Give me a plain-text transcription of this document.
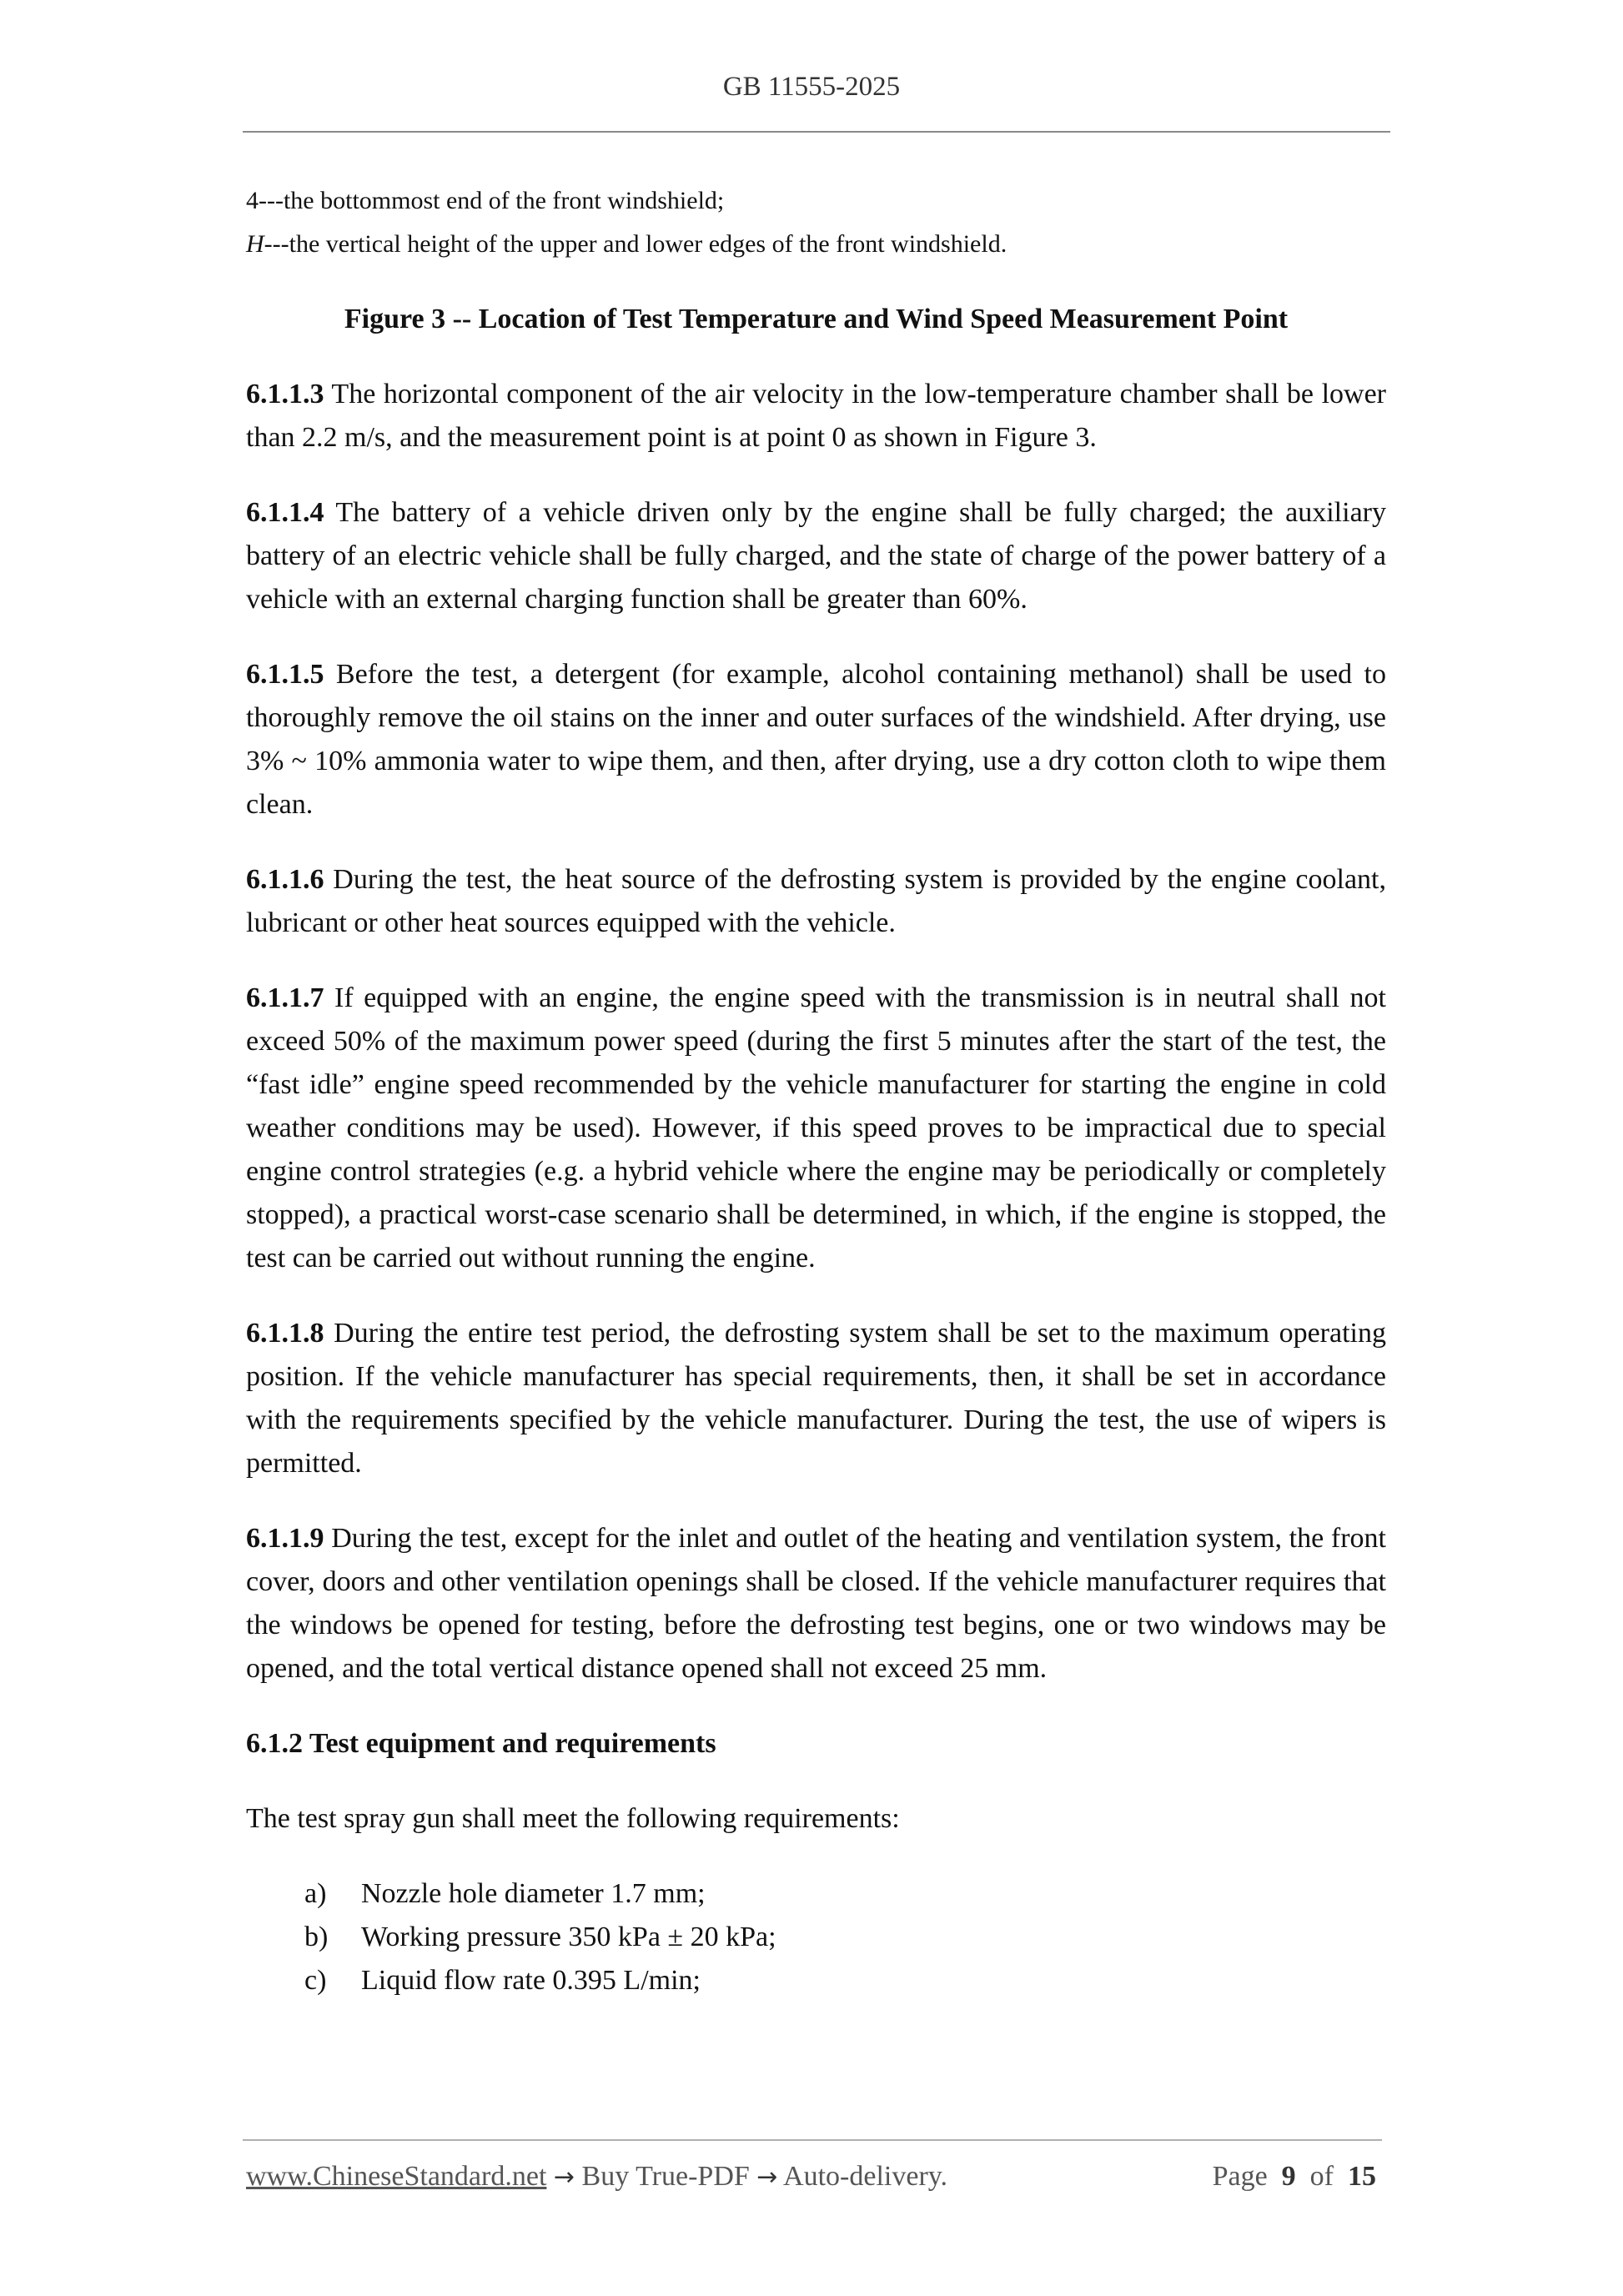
GB 11555-2025

4---the bottommost end of the front windshield;

H---the vertical height of the upper and lower edges of the front windshield.

Figure 3 -- Location of Test Temperature and Wind Speed Measurement Point

6.1.1.3 The horizontal component of the air velocity in the low-temperature chamber shall be lower than 2.2 m/s, and the measurement point is at point 0 as shown in Figure 3.

6.1.1.4 The battery of a vehicle driven only by the engine shall be fully charged; the auxiliary battery of an electric vehicle shall be fully charged, and the state of charge of the power battery of a vehicle with an external charging function shall be greater than 60%.

6.1.1.5 Before the test, a detergent (for example, alcohol containing methanol) shall be used to thoroughly remove the oil stains on the inner and outer surfaces of the windshield. After drying, use 3% ~ 10% ammonia water to wipe them, and then, after drying, use a dry cotton cloth to wipe them clean.

6.1.1.6 During the test, the heat source of the defrosting system is provided by the engine coolant, lubricant or other heat sources equipped with the vehicle.

6.1.1.7 If equipped with an engine, the engine speed with the transmission is in neutral shall not exceed 50% of the maximum power speed (during the first 5 minutes after the start of the test, the “fast idle” engine speed recommended by the vehicle manufacturer for starting the engine in cold weather conditions may be used). However, if this speed proves to be impractical due to special engine control strategies (e.g. a hybrid vehicle where the engine may be periodically or completely stopped), a practical worst-case scenario shall be determined, in which, if the engine is stopped, the test can be carried out without running the engine.

6.1.1.8 During the entire test period, the defrosting system shall be set to the maximum operating position. If the vehicle manufacturer has special requirements, then, it shall be set in accordance with the requirements specified by the vehicle manufacturer. During the test, the use of wipers is permitted.

6.1.1.9 During the test, except for the inlet and outlet of the heating and ventilation system, the front cover, doors and other ventilation openings shall be closed. If the vehicle manufacturer requires that the windows be opened for testing, before the defrosting test begins, one or two windows may be opened, and the total vertical distance opened shall not exceed 25 mm.

6.1.2 Test equipment and requirements

The test spray gun shall meet the following requirements:

a) Nozzle hole diameter 1.7 mm;

b) Working pressure 350 kPa ± 20 kPa;

c) Liquid flow rate 0.395 L/min;

www.ChineseStandard.net → Buy True-PDF → Auto-delivery.	Page 9 of 15
